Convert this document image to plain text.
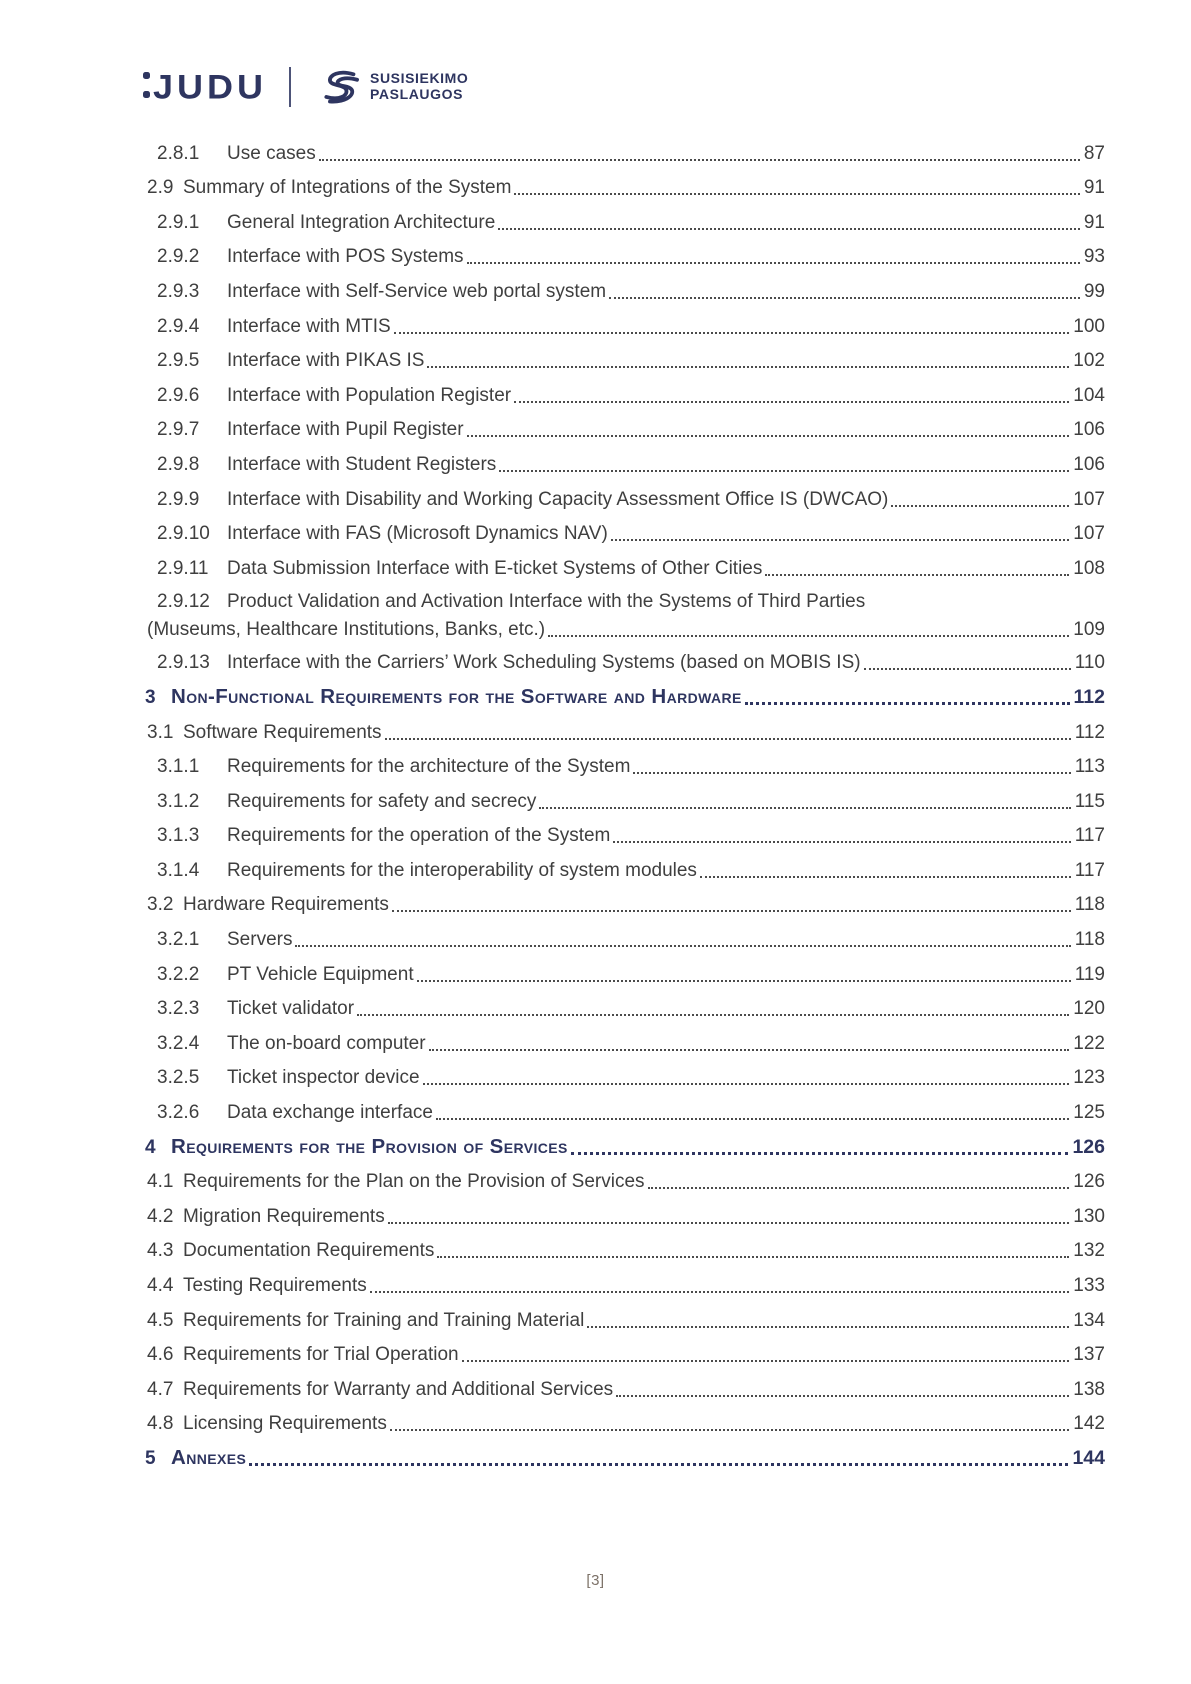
JUDU	SUSISIEKIMO
PASLAUGOS
2.8.1	Use cases	87
2.9 Summary of Integrations of the System	91
2.9.1	General Integration Architecture	91
2.9.2	Interface with POS Systems	93
2.9.3	Interface with Self-Service web portal system	99
2.9.4	Interface with MTIS	100
2.9.5	Interface with PIKAS IS	102
2.9.6	Interface with Population Register	104
2.9.7	Interface with Pupil Register	106
2.9.8	Interface with Student Registers	106
2.9.9	Interface with Disability and Working Capacity Assessment Office IS (DWCAO)	107
2.9.10 Interface with FAS (Microsoft Dynamics NAV)	107
2.9.11 Data Submission Interface with E-ticket Systems of Other Cities	108
2.9.12 Product Validation and Activation Interface with the Systems of Third Parties
(Museums, Healthcare Institutions, Banks, etc.)	109
2.9.13 Interface with the Carriers’ Work Scheduling Systems (based on MOBIS IS)	110
3 Non-Functional Requirements for the Software and Hardware	112
3.1 Software Requirements	112
3.1.1	Requirements for the architecture of the System	113
3.1.2	Requirements for safety and secrecy	115
3.1.3	Requirements for the operation of the System	117
3.1.4	Requirements for the interoperability of system modules	117
3.2 Hardware Requirements	118
3.2.1	Servers	118
3.2.2	PT Vehicle Equipment	119
3.2.3	Ticket validator	120
3.2.4	The on-board computer	122
3.2.5	Ticket inspector device	123
3.2.6	Data exchange interface	125
4 Requirements for the Provision of Services	126
4.1 Requirements for the Plan on the Provision of Services	126
4.2 Migration Requirements	130
4.3 Documentation Requirements	132
4.4 Testing Requirements	133
4.5 Requirements for Training and Training Material	134
4.6 Requirements for Trial Operation	137
4.7 Requirements for Warranty and Additional Services	138
4.8 Licensing Requirements	142
5 Annexes	144
[3]
